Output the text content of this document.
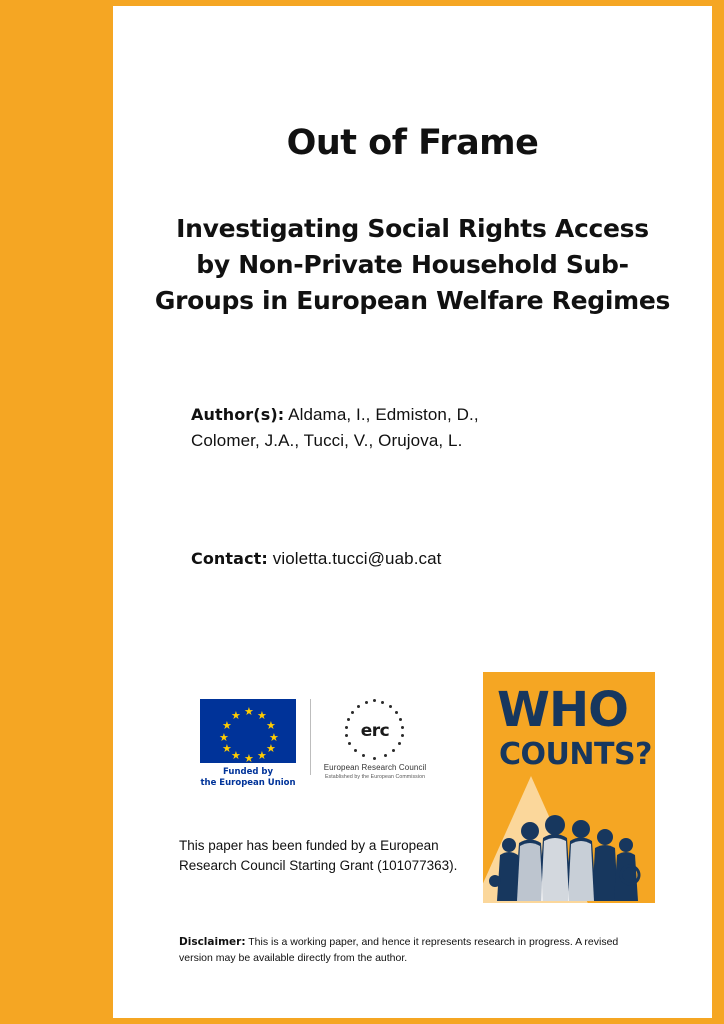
Out of Frame
Investigating Social Rights Access
by Non-Private Household Sub-
Groups in European Welfare Regimes
Author(s): Aldama, I., Edmiston, D.,
Colomer, J.A., Tucci, V., Orujova, L.
Contact: violetta.tucci@uab.cat
★ ★
★
★
★
★
★
★
★
★
★
★
Funded by
the European Union
erc
European Research Council
Established by the European Commission
WHO
COUNTS?
This paper has been funded by a European Research Council Starting Grant (101077363).
Disclaimer: This is a working paper, and hence it represents research in progress. A revised version may be available directly from the author.
